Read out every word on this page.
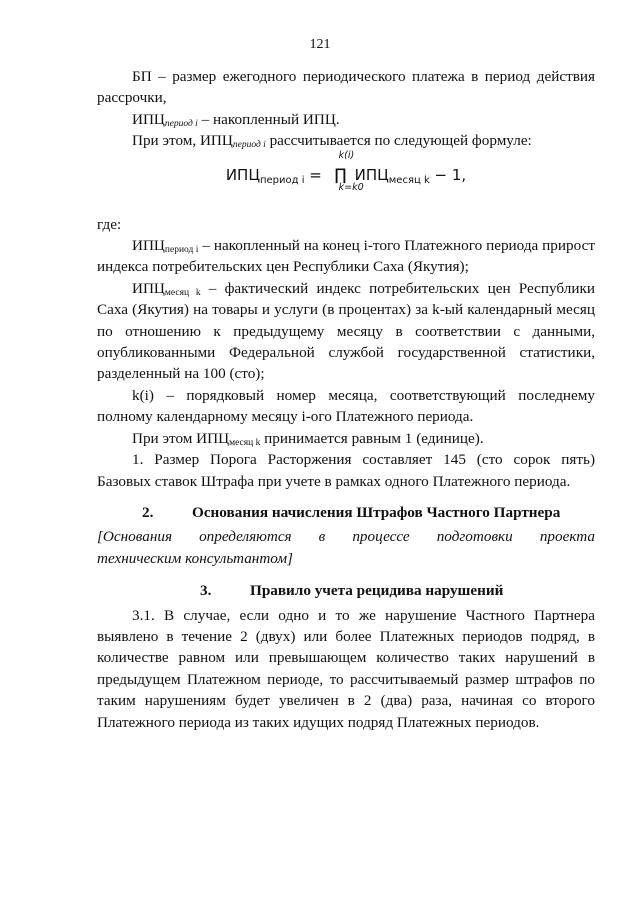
121

БП – размер ежегодного периодического платежа в период действия рассрочки,

$ИПЦ_{период i}$ – накопленный ИПЦ.

При этом, $ИПЦ_{период i}$ рассчитывается по следующей формуле:

$ИПЦ_{период i}$ = ∏
k(i)
k=k0
$ИПЦ_{месяц k} - 1$,

где:

$ИПЦ_{период i}$ – накопленный на конец i-того Платежного периода прирост индекса потребительских цен Республики Саха (Якутия);

$ИПЦ_{месяц k}$ – фактический индекс потребительских цен Республики Саха (Якутия) на товары и услуги (в процентах) за k-ый календарный месяц по отношению к предыдущему месяцу в соответствии с данными, опубликованными Федеральной службой государственной статистики, разделенный на 100 (сто);

k(i) – порядковый номер месяца, соответствующий последнему полному календарному месяцу i-ого Платежного периода.

При этом $ИПЦ_{месяц k}$ принимается равным 1 (единице).

1. Размер Порога Расторжения составляет 145 (сто сорок пять) Базовых ставок Штрафа при учете в рамках одного Платежного периода.

2.	Основания начисления Штрафов Частного Партнера

[Основания определяются в процессе подготовки проекта

техническим консультантом]

3.	Правило учета рецидива нарушений

3.1. В случае, если одно и то же нарушение Частного Партнера выявлено в течение 2 (двух) или более Платежных периодов подряд, в количестве равном или превышающем количество таких нарушений в предыдущем Платежном периоде, то рассчитываемый размер штрафов по таким нарушениям будет увеличен в 2 (два) раза, начиная со второго Платежного периода из таких идущих подряд Платежных периодов.
